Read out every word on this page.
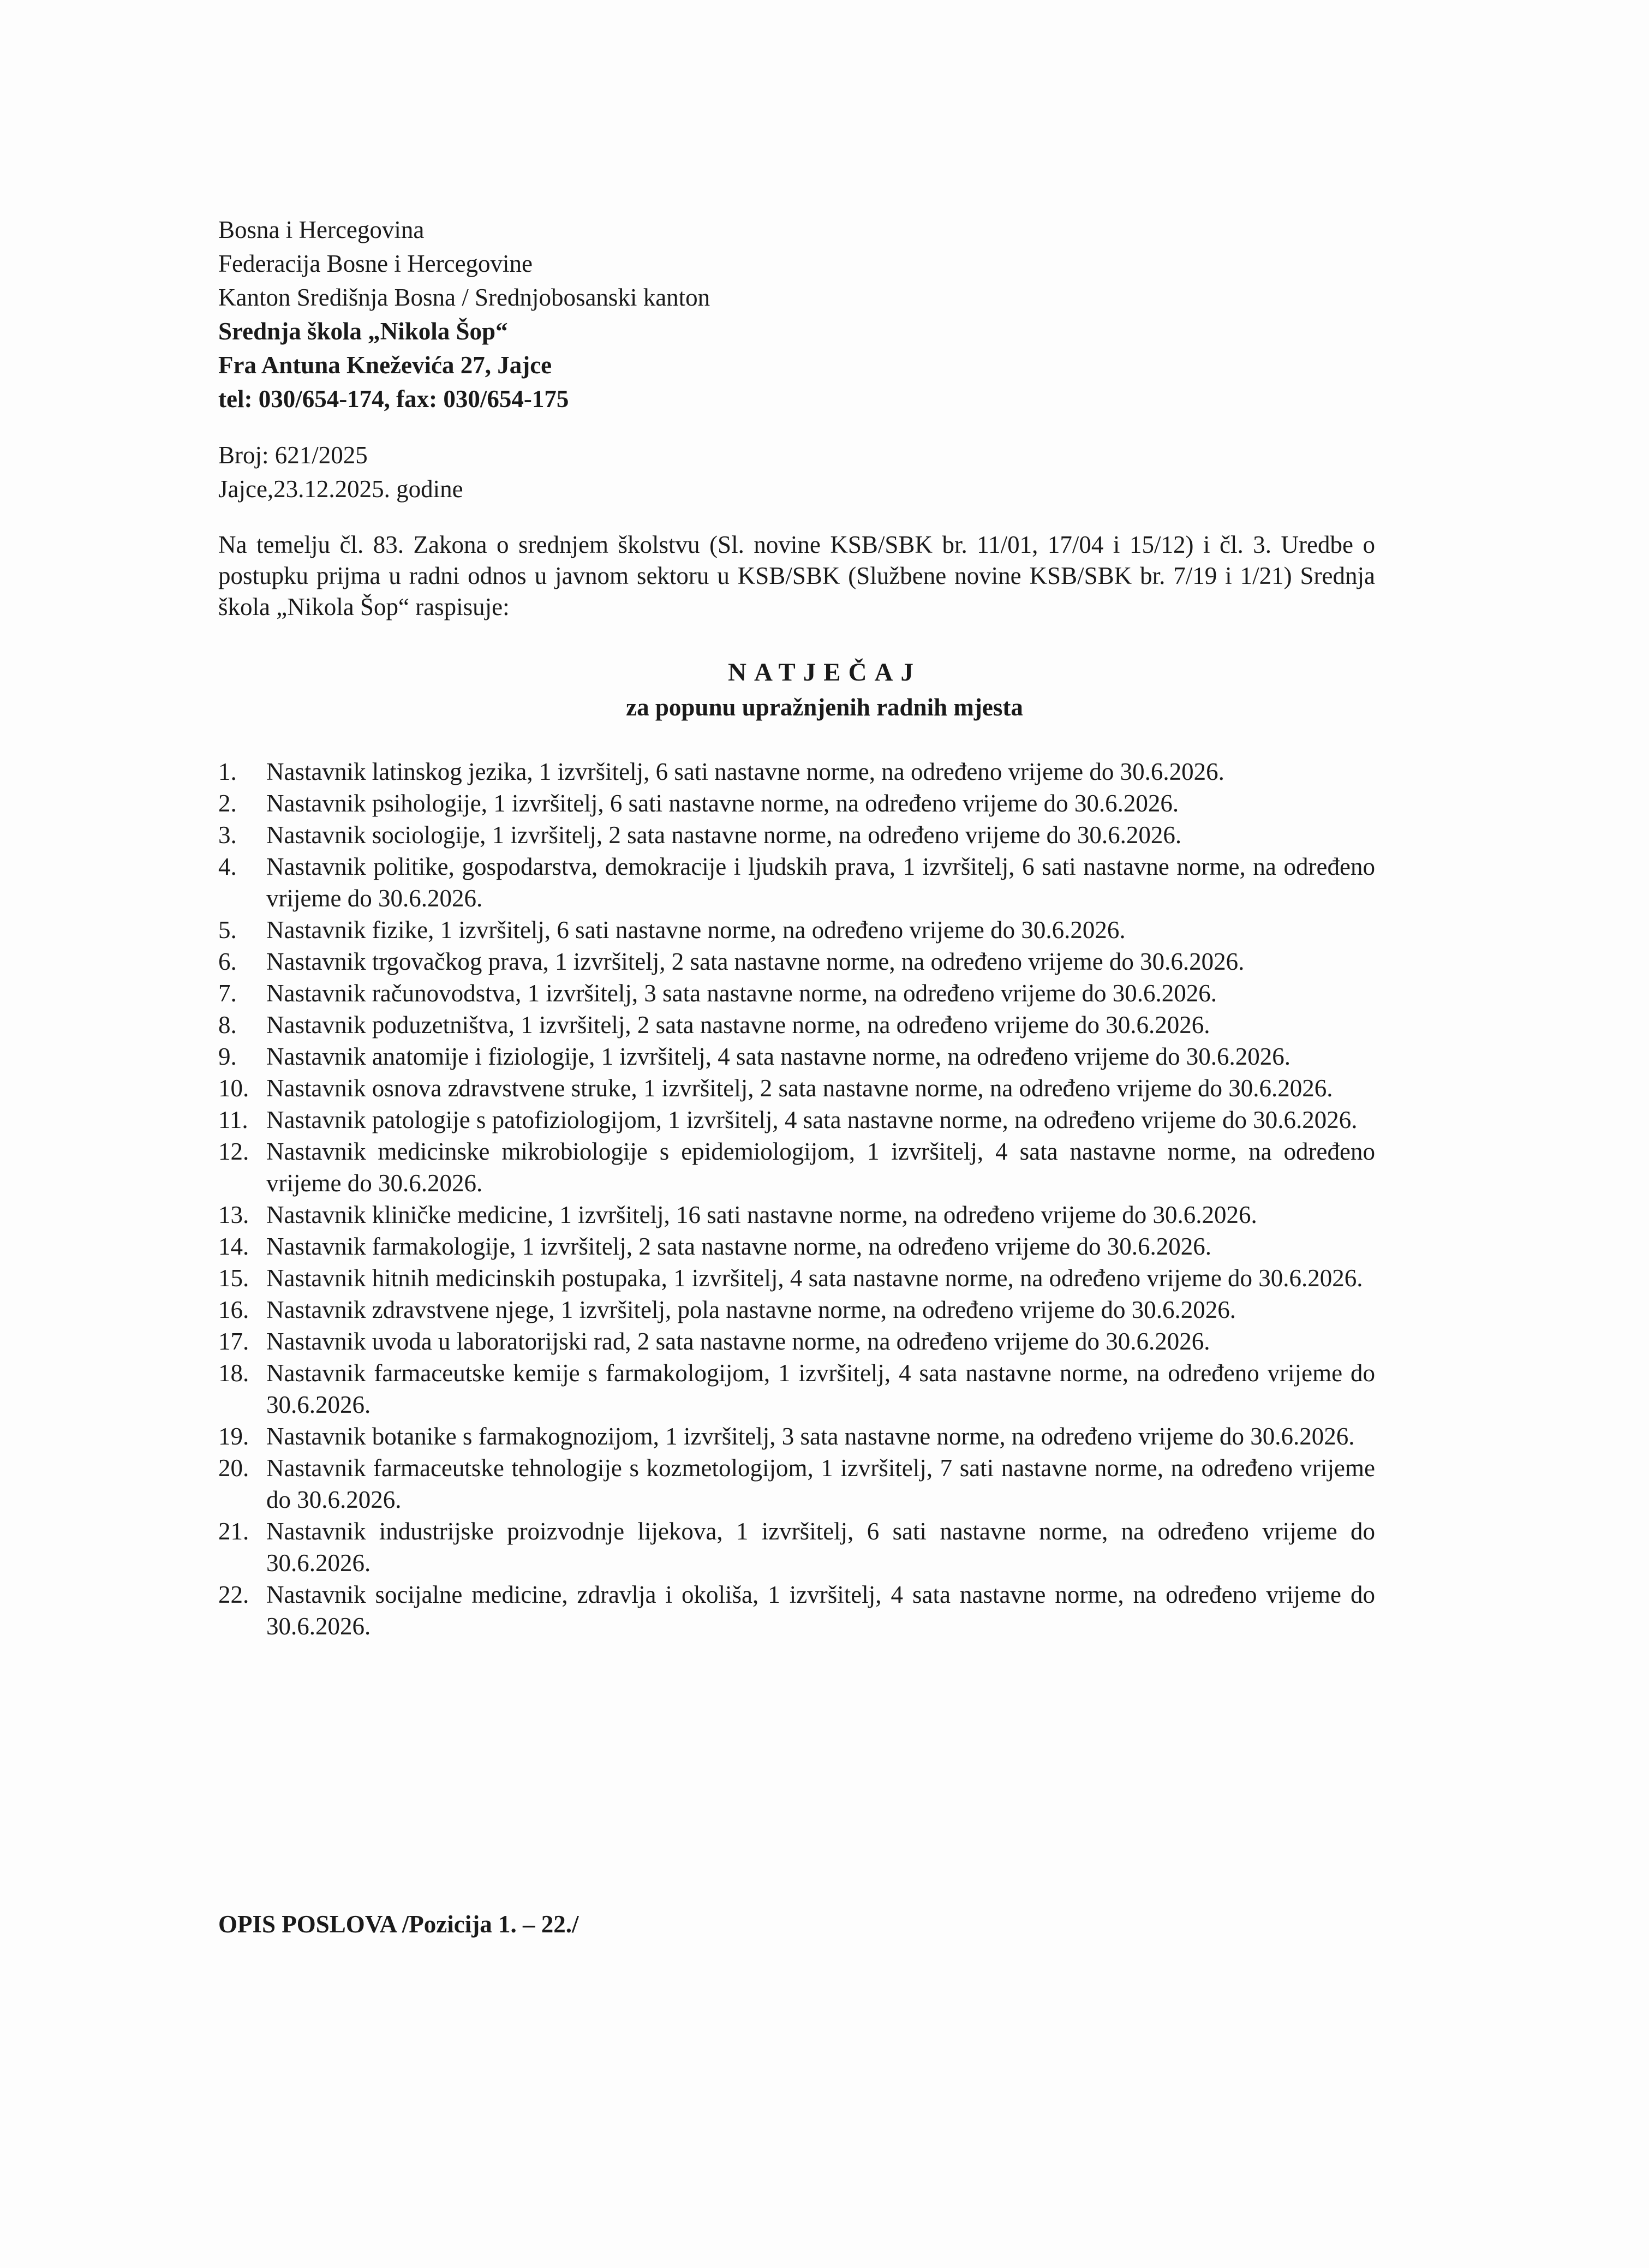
Bosna i Hercegovina
Federacija Bosne i Hercegovine
Kanton Središnja Bosna / Srednjobosanski kanton
Srednja škola „Nikola Šop“
Fra Antuna Kneževića 27, Jajce
tel: 030/654-174, fax: 030/654-175
Broj: 621/2025
Jajce,23.12.2025. godine
Na temelju čl. 83. Zakona o srednjem školstvu (Sl. novine KSB/SBK br. 11/01, 17/04 i 15/12) i čl. 3. Uredbe o postupku prijma u radni odnos u javnom sektoru u KSB/SBK (Službene novine KSB/SBK br. 7/19 i 1/21) Srednja škola „Nikola Šop“ raspisuje:
NATJEČAJ
za popunu upražnjenih radnih mjesta
1.	Nastavnik latinskog jezika, 1 izvršitelj, 6 sati nastavne norme, na određeno vrijeme do 30.6.2026.
2.	Nastavnik psihologije, 1 izvršitelj, 6 sati nastavne norme, na određeno vrijeme do 30.6.2026.
3.	Nastavnik sociologije, 1 izvršitelj, 2 sata nastavne norme, na određeno vrijeme do 30.6.2026.
4.	Nastavnik politike, gospodarstva, demokracije i ljudskih prava, 1 izvršitelj, 6 sati nastavne norme, na određeno vrijeme do 30.6.2026.
5.	Nastavnik fizike, 1 izvršitelj, 6 sati nastavne norme, na određeno vrijeme do 30.6.2026.
6.	Nastavnik trgovačkog prava, 1 izvršitelj, 2 sata nastavne norme, na određeno vrijeme do 30.6.2026.
7.	Nastavnik računovodstva, 1 izvršitelj, 3 sata nastavne norme, na određeno vrijeme do 30.6.2026.
8.	Nastavnik poduzetništva, 1 izvršitelj, 2 sata nastavne norme, na određeno vrijeme do 30.6.2026.
9.	Nastavnik anatomije i fiziologije, 1 izvršitelj, 4 sata nastavne norme, na određeno vrijeme do 30.6.2026.
10. Nastavnik osnova zdravstvene struke, 1 izvršitelj, 2 sata nastavne norme, na određeno vrijeme do 30.6.2026.
11. Nastavnik patologije s patofiziologijom, 1 izvršitelj, 4 sata nastavne norme, na određeno vrijeme do 30.6.2026.
12. Nastavnik medicinske mikrobiologije s epidemiologijom, 1 izvršitelj, 4 sata nastavne norme, na određeno vrijeme do 30.6.2026.
13. Nastavnik kliničke medicine, 1 izvršitelj, 16 sati nastavne norme, na određeno vrijeme do 30.6.2026.
14. Nastavnik farmakologije, 1 izvršitelj, 2 sata nastavne norme, na određeno vrijeme do 30.6.2026.
15. Nastavnik hitnih medicinskih postupaka, 1 izvršitelj, 4 sata nastavne norme, na određeno vrijeme do 30.6.2026.
16. Nastavnik zdravstvene njege, 1 izvršitelj, pola nastavne norme, na određeno vrijeme do 30.6.2026.
17. Nastavnik uvoda u laboratorijski rad, 2 sata nastavne norme, na određeno vrijeme do 30.6.2026.
18. Nastavnik farmaceutske kemije s farmakologijom, 1 izvršitelj, 4 sata nastavne norme, na određeno vrijeme do 30.6.2026.
19. Nastavnik botanike s farmakognozijom, 1 izvršitelj, 3 sata nastavne norme, na određeno vrijeme do 30.6.2026.
20. Nastavnik farmaceutske tehnologije s kozmetologijom, 1 izvršitelj, 7 sati nastavne norme, na određeno vrijeme do 30.6.2026.
21. Nastavnik industrijske proizvodnje lijekova, 1 izvršitelj, 6 sati nastavne norme, na određeno vrijeme do 30.6.2026.
22. Nastavnik socijalne medicine, zdravlja i okoliša, 1 izvršitelj, 4 sata nastavne norme, na određeno vrijeme do 30.6.2026.
OPIS POSLOVA /Pozicija 1. – 22./
